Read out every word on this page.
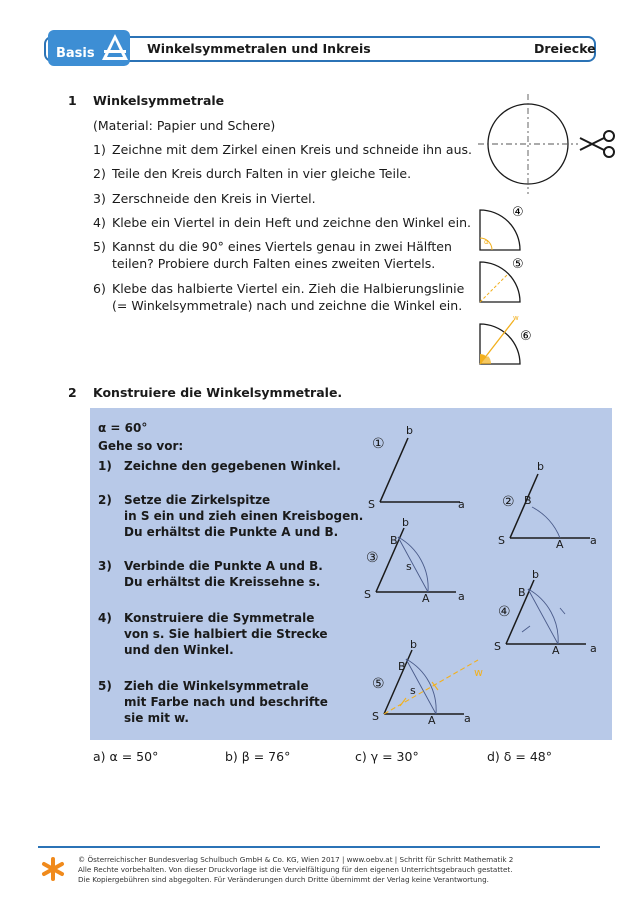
Basis	Winkelsymmetralen und Inkreis	Dreiecke
1 Winkelsymmetrale
(Material: Papier und Schere)
1) Zeichne mit dem Zirkel einen Kreis und schneide ihn aus.
2) Teile den Kreis durch Falten in vier gleiche Teile.
3) Zerschneide den Kreis in Viertel.
4) Klebe ein Viertel in dein Heft und zeichne den Winkel ein.
5) Kannst du die 90° eines Viertels genau in zwei Hälften
teilen? Probiere durch Falten eines zweiten Viertels.
6) Klebe das halbierte Viertel ein. Zieh die Halbierungslinie
(= Winkelsymmetrale) nach und zeichne die Winkel ein.
α
④
⑤
w
⑥
2 Konstruiere die Winkelsymmetrale.
α = 60°
Gehe so vor:
1) Zeichne den gegebenen Winkel.
2) Setze die Zirkelspitze
in S ein und zieh einen Kreisbogen.
Du erhältst die Punkte A und B.
3) Verbinde die Punkte A und B.
Du erhältst die Kreissehne s.
4) Konstruiere die Symmetrale
von s. Sie halbiert die Strecke
und den Winkel.
5) Zieh die Winkelsymmetrale
mit Farbe nach und beschrifte
sie mit w.
①
b
S	a	②
b
B
S	A a
③
b
B
s
S	A	a
④
b
B
S	A	a
⑤
b
B
s
S	A	a
w
a) α = 50°	b) β = 76°	c) γ = 30°	d) δ = 48°
© Österreichischer Bundesverlag Schulbuch GmbH & Co. KG, Wien 2017 | www.oebv.at | Schritt für Schritt Mathematik 2
Alle Rechte vorbehalten. Von dieser Druckvorlage ist die Vervielfältigung für den eigenen Unterrichtsgebrauch gestattet.
Die Kopiergebühren sind abgegolten. Für Veränderungen durch Dritte übernimmt der Verlag keine Verantwortung.
